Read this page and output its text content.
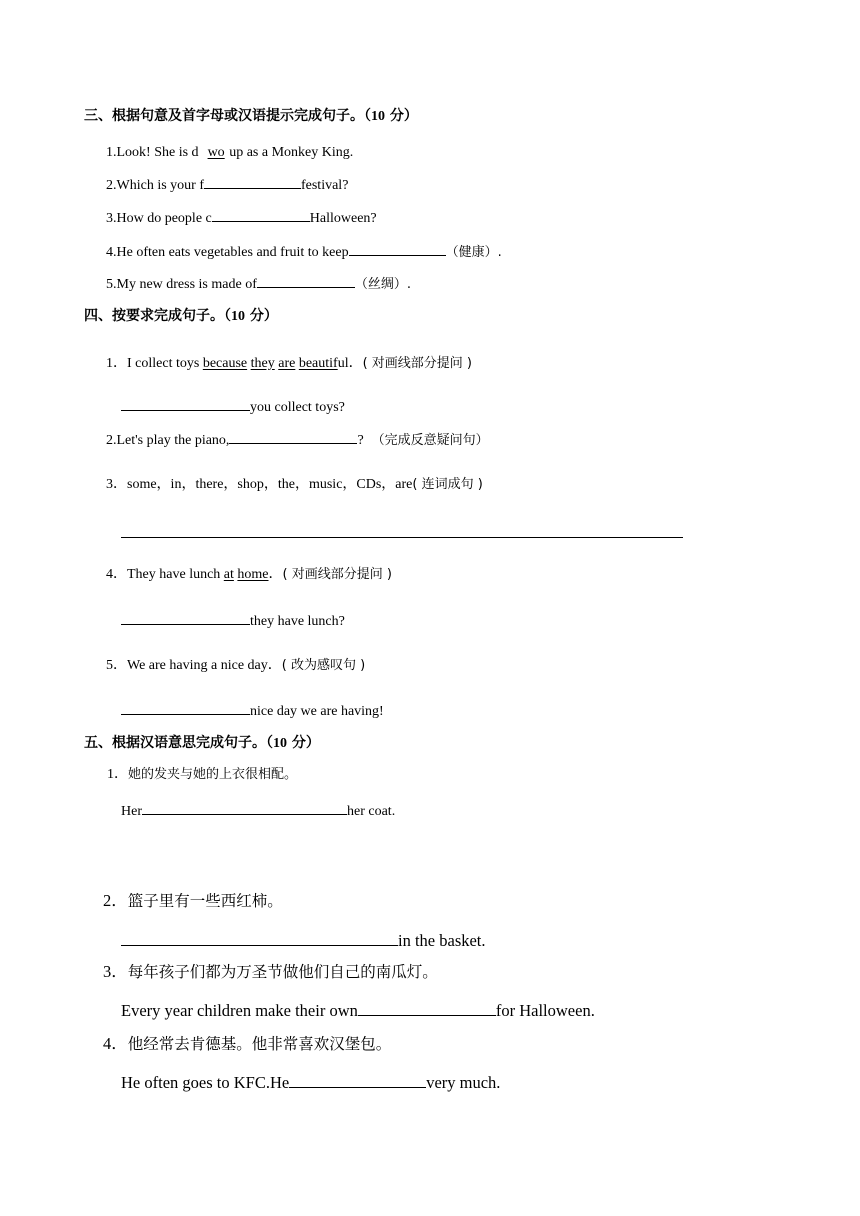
三、根据句意及首字母或汉语提示完成句子。（10 分）
1.Look! She is d wo up as a Monkey King.
2.Which is your f	festival?
3.How do people c	Halloween?
4.He often eats vegetables and fruit to keep	（健康）.
5.My new dress is made of	（丝绸）.
四、按要求完成句子。（10 分）
1．I collect toys because they are beautiful．( 对画线部分提问 )
you collect toys?
2.Let's play the piano,	? （完成反意疑问句）
3．some，in，there，shop，the，music，CDs，are( 连词成句 )
4．They have lunch at home．( 对画线部分提问 )
they have lunch?
5．We are having a nice day．( 改为感叹句 )
nice day we are having!
五、根据汉语意思完成句子。（10 分）
1．她的发夹与她的上衣很相配。
Her	her coat.
2．篮子里有一些西红柿。
in the basket.
3．每年孩子们都为万圣节做他们自己的南瓜灯。
Every year children make their own	for Halloween.
4．他经常去肯德基。他非常喜欢汉堡包。
He often goes to KFC.He	very much.
